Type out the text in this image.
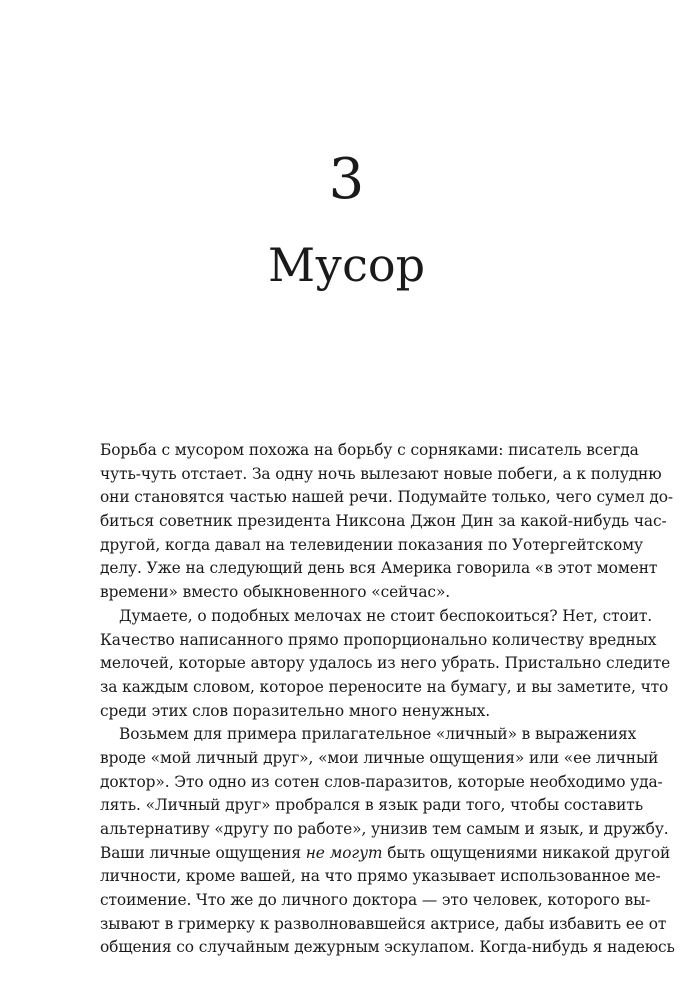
3
Мусор
Борьба с мусором похожа на борьбу с сорняками: писатель всегда
чуть-чуть отстает. За одну ночь вылезают новые побеги, а к полудню
они становятся частью нашей речи. Подумайте только, чего сумел до-
биться советник президента Никсона Джон Дин за какой-нибудь час-
другой, когда давал на телевидении показания по Уотергейтскому
делу. Уже на следующий день вся Америка говорила «в этот момент
времени» вместо обыкновенного «сейчас».
Думаете, о подобных мелочах не стоит беспокоиться? Нет, стоит.
Качество написанного прямо пропорционально количеству вредных
мелочей, которые автору удалось из него убрать. Пристально следите
за каждым словом, которое переносите на бумагу, и вы заметите, что
среди этих слов поразительно много ненужных.
Возьмем для примера прилагательное «личный» в выражениях
вроде «мой личный друг», «мои личные ощущения» или «ее личный
доктор». Это одно из сотен слов-паразитов, которые необходимо уда-
лять. «Личный друг» пробрался в язык ради того, чтобы составить
альтернативу «другу по работе», унизив тем самым и язык, и дружбу.
Ваши личные ощущения не могут быть ощущениями никакой другой
личности, кроме вашей, на что прямо указывает использованное ме-
стоимение. Что же до личного доктора — это человек, которого вы-
зывают в гримерку к разволновавшейся актрисе, дабы избавить ее от
общения со случайным дежурным эскулапом. Когда-нибудь я надеюсь
